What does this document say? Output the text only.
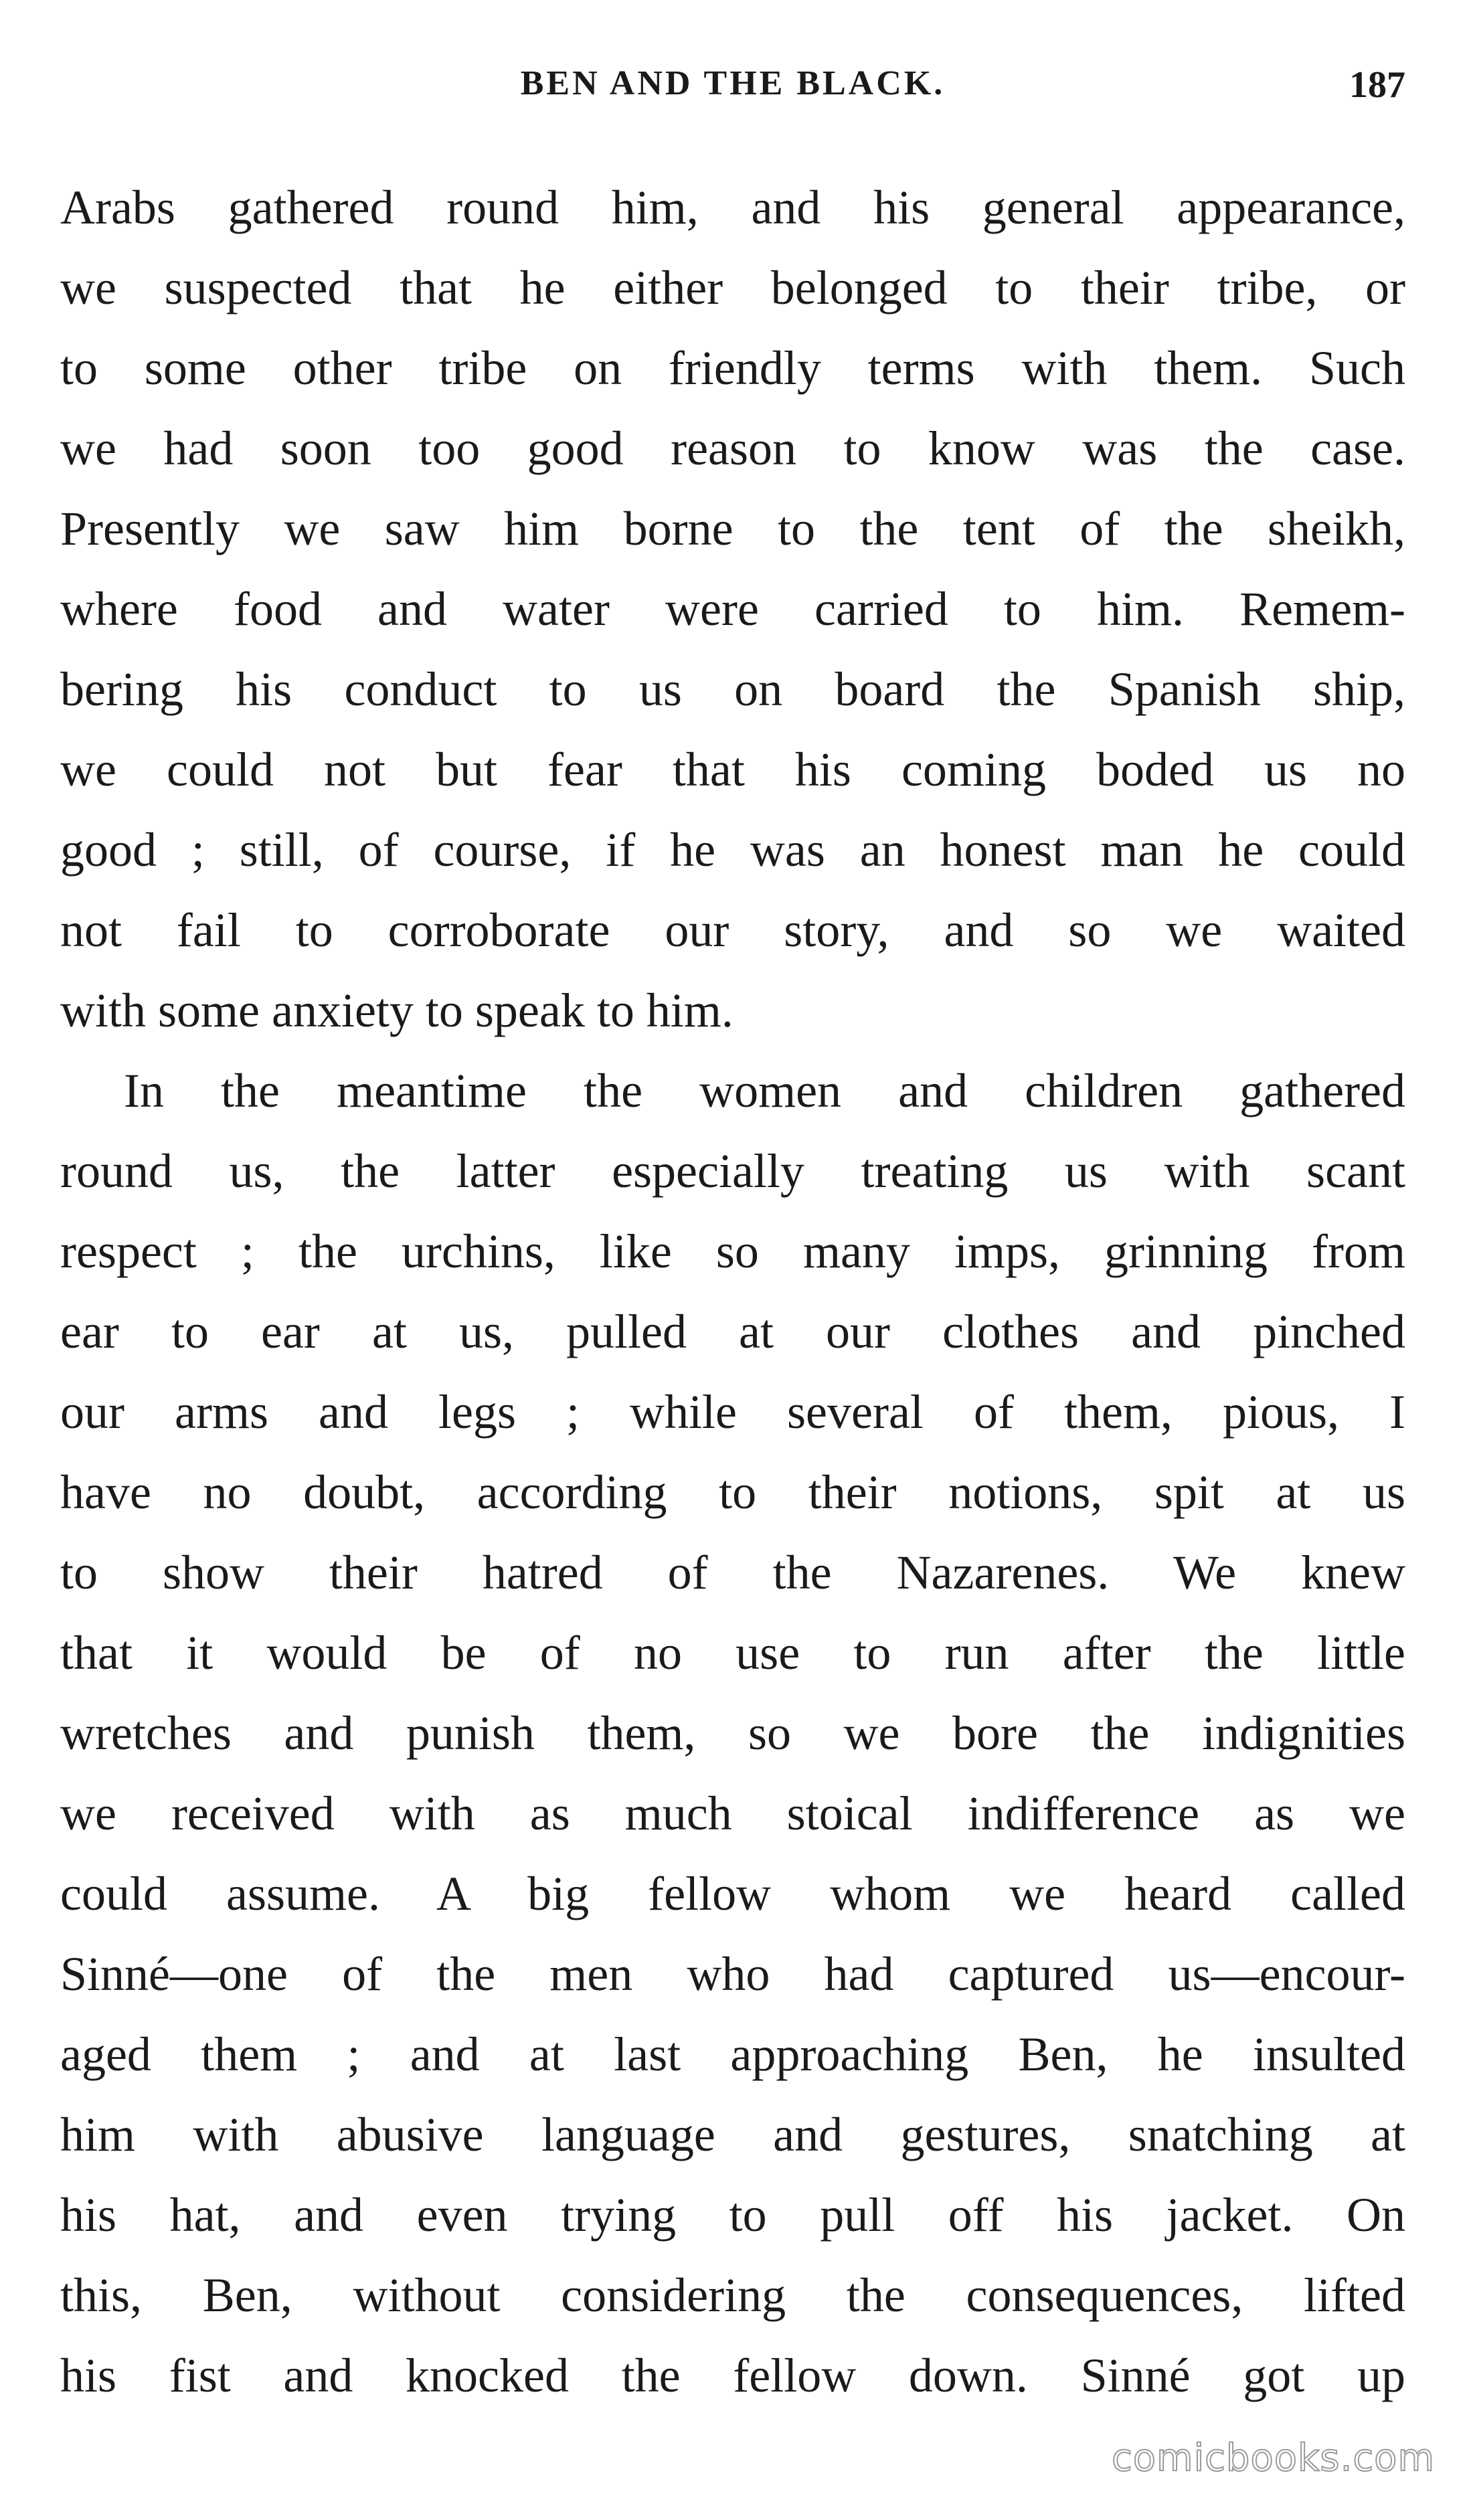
BEN AND THE BLACK.	187
Arabs gathered round him, and his general appearance,
we suspected that he either belonged to their tribe, or
to some other tribe on friendly terms with them. Such
we had soon too good reason to know was the case.
Presently we saw him borne to the tent of the sheikh,
where food and water were carried to him. Remem-
bering his conduct to us on board the Spanish ship,
we could not but fear that his coming boded us no
good ; still, of course, if he was an honest man he could
not fail to corroborate our story, and so we waited
with some anxiety to speak to him.
In the meantime the women and children gathered
round us, the latter especially treating us with scant
respect ; the urchins, like so many imps, grinning from
ear to ear at us, pulled at our clothes and pinched
our arms and legs ; while several of them, pious, I
have no doubt, according to their notions, spit at us
to show their hatred of the Nazarenes. We knew
that it would be of no use to run after the little
wretches and punish them, so we bore the indignities
we received with as much stoical indifference as we
could assume. A big fellow whom we heard called
Sinné—one of the men who had captured us—encour-
aged them ; and at last approaching Ben, he insulted
him with abusive language and gestures, snatching at
his hat, and even trying to pull off his jacket. On
this, Ben, without considering the consequences, lifted
his fist and knocked the fellow down. Sinné got up
comicbooks.com
